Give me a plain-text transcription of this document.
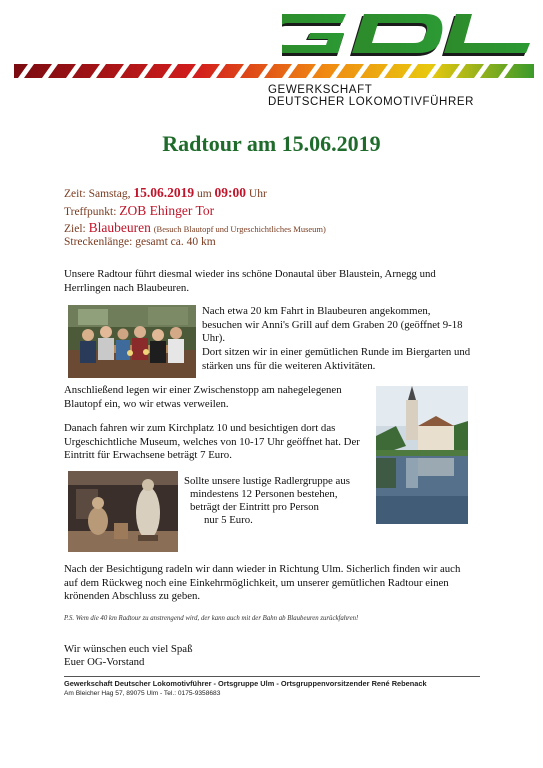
GEWERKSCHAFT
DEUTSCHER LOKOMOTIVFÜHRER
Radtour am 15.06.2019
Zeit: Samstag, 15.06.2019 um 09:00 Uhr
Treffpunkt: ZOB Ehinger Tor
Ziel: Blaubeuren (Besuch Blautopf und Urgeschichtliches Museum)
Streckenlänge: gesamt ca. 40 km
Unsere Radtour führt diesmal wieder ins schöne Donautal über Blaustein, Arnegg und Herrlingen nach Blaubeuren.
Nach etwa 20 km Fahrt in Blaubeuren angekommen, besuchen wir Anni's Grill auf dem Graben 20 (geöffnet 9-18 Uhr).
Dort sitzen wir in einer gemütlichen Runde im Biergarten und stärken uns für die weiteren Aktivitäten.
Anschließend legen wir einer Zwischenstopp am nahegelegenen Blautopf ein, wo wir etwas verweilen.
Danach fahren wir zum Kirchplatz 10 und besichtigen dort das Urgeschichtliche Museum, welches von 10-17 Uhr geöffnet hat. Der Eintritt für Erwachsene beträgt 7 Euro.
Sollte unsere lustige Radlergruppe aus
mindestens 12 Personen bestehen,
beträgt der Eintritt pro Person
nur 5 Euro.
Nach der Besichtigung radeln wir dann wieder in Richtung Ulm. Sicherlich finden wir auch auf dem Rückweg noch eine Einkehrmöglichkeit, um unserer gemütlichen Radtour einen krönenden Abschluss zu geben.
P.S. Wem die 40 km Radtour zu anstrengend wird, der kann auch mit der Bahn ab Blaubeuren zurückfahren!
Wir wünschen euch viel Spaß
Euer OG-Vorstand
Gewerkschaft Deutscher Lokomotivführer - Ortsgruppe Ulm - Ortsgruppenvorsitzender René Rebenack
Am Bleicher Hag 57, 89075 Ulm - Tel.: 0175-9358683
